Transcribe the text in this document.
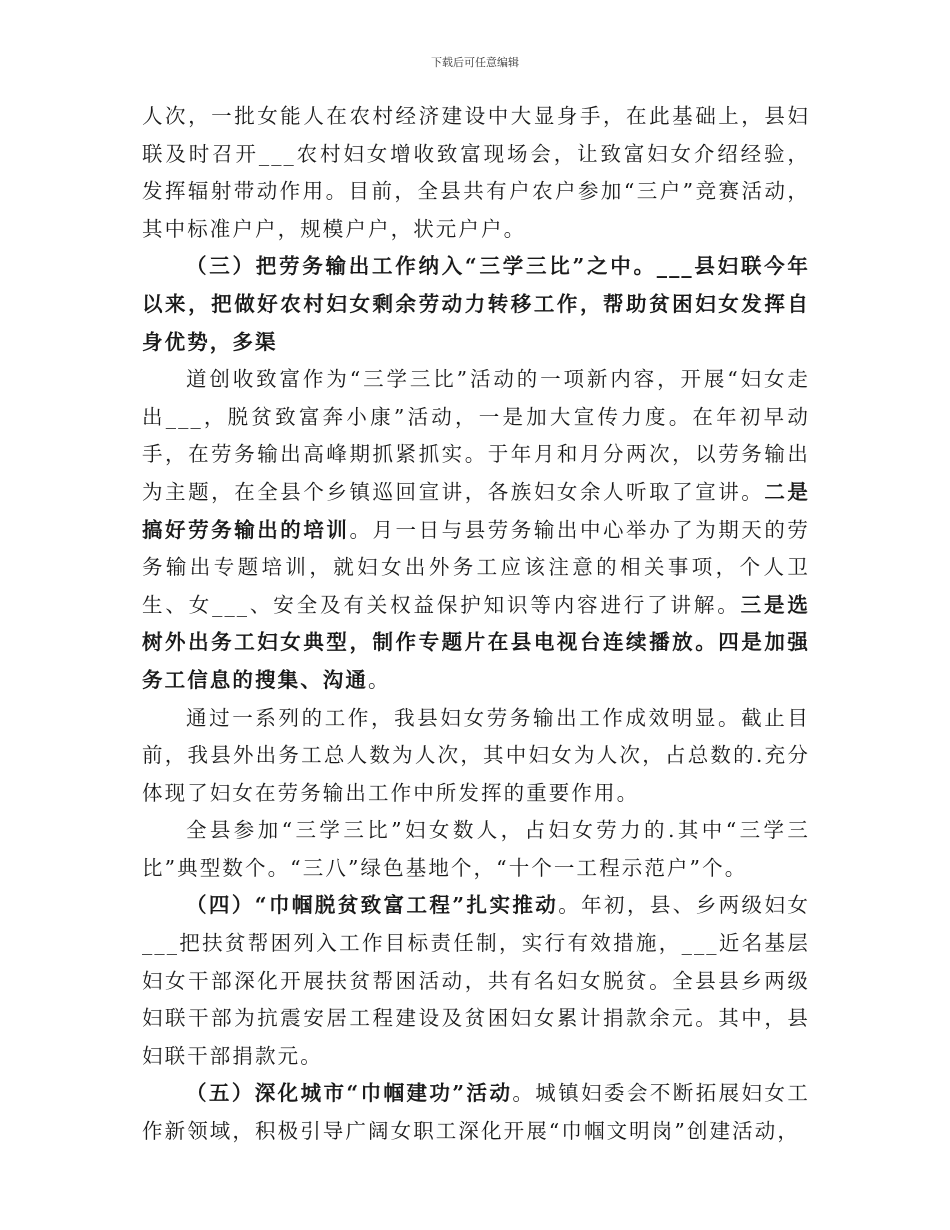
下载后可任意编辑

人次，一批女能人在农村经济建设中大显身手，在此基础上，县妇联及时召开___农村妇女增收致富现场会，让致富妇女介绍经验，发挥辐射带动作用。目前，全县共有户农户参加“三户”竞赛活动，其中标准户户，规模户户，状元户户。

（三）把劳务输出工作纳入“三学三比”之中。___县妇联今年以来，把做好农村妇女剩余劳动力转移工作，帮助贫困妇女发挥自身优势，多渠

道创收致富作为“三学三比”活动的一项新内容，开展“妇女走出___，脱贫致富奔小康”活动，一是加大宣传力度。在年初早动手，在劳务输出高峰期抓紧抓实。于年月和月分两次，以劳务输出为主题，在全县个乡镇巡回宣讲，各族妇女余人听取了宣讲。二是搞好劳务输出的培训。月一日与县劳务输出中心举办了为期天的劳务输出专题培训，就妇女出外务工应该注意的相关事项，个人卫生、女___、安全及有关权益保护知识等内容进行了讲解。三是选树外出务工妇女典型，制作专题片在县电视台连续播放。四是加强务工信息的搜集、沟通。

通过一系列的工作，我县妇女劳务输出工作成效明显。截止目前，我县外出务工总人数为人次，其中妇女为人次，占总数的.充分体现了妇女在劳务输出工作中所发挥的重要作用。

全县参加“三学三比”妇女数人，占妇女劳力的.其中“三学三比”典型数个。“三八”绿色基地个，“十个一工程示范户”个。

（四）“巾帼脱贫致富工程”扎实推动。年初，县、乡两级妇女___把扶贫帮困列入工作目标责任制，实行有效措施，___近名基层妇女干部深化开展扶贫帮困活动，共有名妇女脱贫。全县县乡两级妇联干部为抗震安居工程建设及贫困妇女累计捐款余元。其中，县妇联干部捐款元。

（五）深化城市“巾帼建功”活动。城镇妇委会不断拓展妇女工作新领域，积极引导广阔女职工深化开展“巾帼文明岗”创建活动，
